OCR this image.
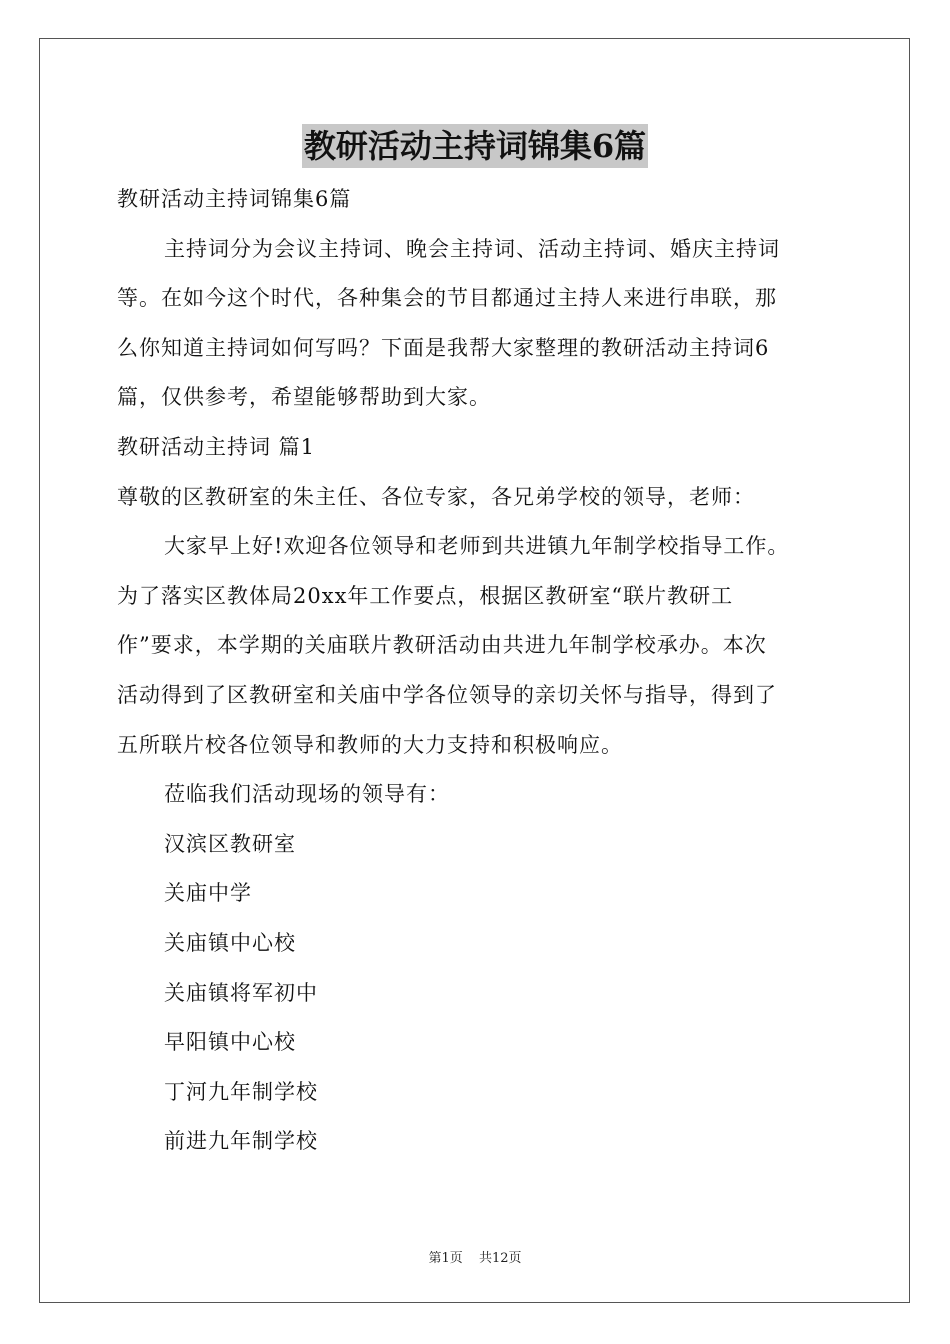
教研活动主持词锦集6篇
教研活动主持词锦集6篇
主持词分为会议主持词、晚会主持词、活动主持词、婚庆主持词
等。在如今这个时代，各种集会的节目都通过主持人来进行串联，那
么你知道主持词如何写吗？下面是我帮大家整理的教研活动主持词6
篇，仅供参考，希望能够帮助到大家。
教研活动主持词 篇1
尊敬的区教研室的朱主任、各位专家，各兄弟学校的领导，老师：
大家早上好!欢迎各位领导和老师到共进镇九年制学校指导工作。
为了落实区教体局20xx年工作要点，根据区教研室“联片教研工
作”要求，本学期的关庙联片教研活动由共进九年制学校承办。本次
活动得到了区教研室和关庙中学各位领导的亲切关怀与指导，得到了
五所联片校各位领导和教师的大力支持和积极响应。
莅临我们活动现场的领导有：
汉滨区教研室
关庙中学
关庙镇中心校
关庙镇将军初中
早阳镇中心校
丁河九年制学校
前进九年制学校
第1页 共12页
